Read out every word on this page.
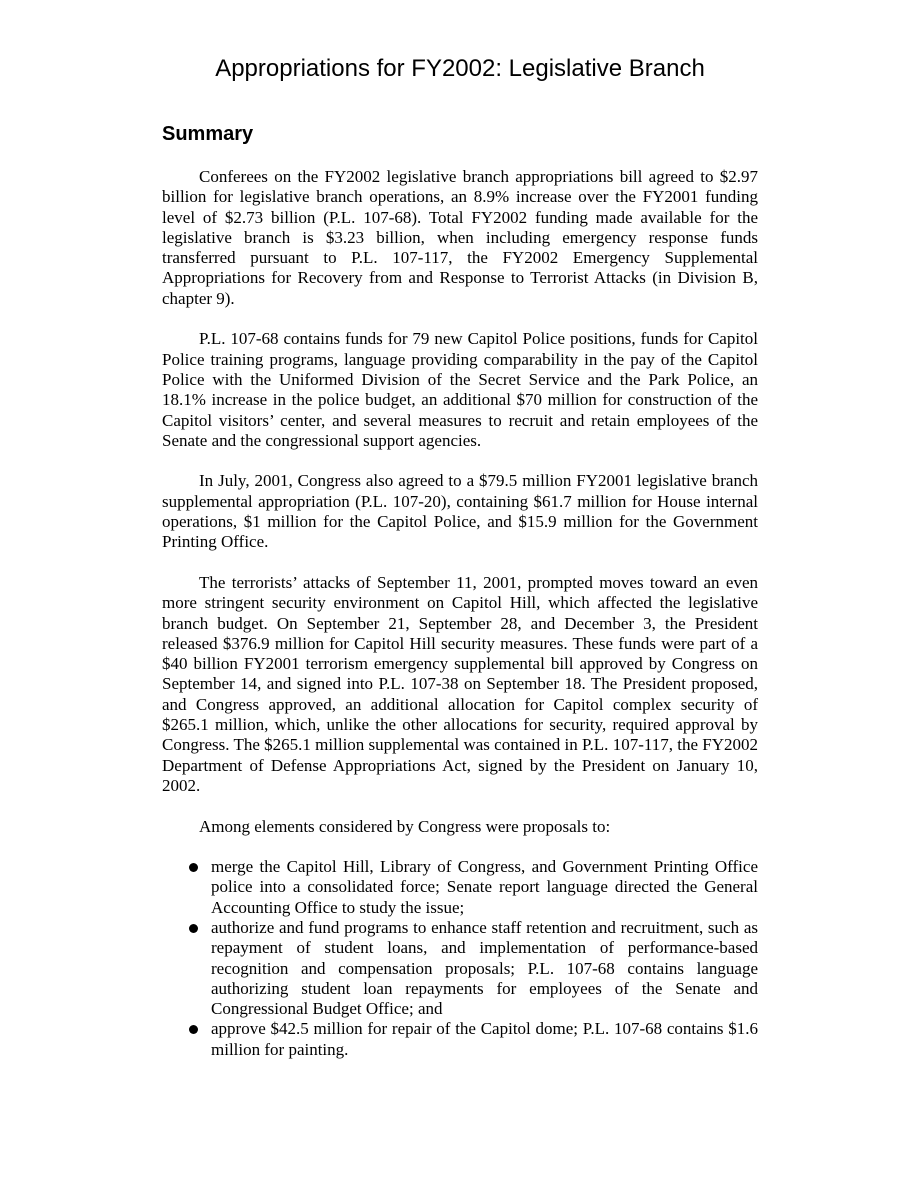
Appropriations for FY2002: Legislative Branch
Summary

Conferees on the FY2002 legislative branch appropriations bill agreed to $2.97 billion for legislative branch operations, an 8.9% increase over the FY2001 funding level of $2.73 billion (P.L. 107-68). Total FY2002 funding made available for the legislative branch is $3.23 billion, when including emergency response funds transferred pursuant to P.L. 107-117, the FY2002 Emergency Supplemental Appropriations for Recovery from and Response to Terrorist Attacks (in Division B, chapter 9).

P.L. 107-68 contains funds for 79 new Capitol Police positions, funds for Capitol Police training programs, language providing comparability in the pay of the Capitol Police with the Uniformed Division of the Secret Service and the Park Police, an 18.1% increase in the police budget, an additional $70 million for construction of the Capitol visitors’ center, and several measures to recruit and retain employees of the Senate and the congressional support agencies.

In July, 2001, Congress also agreed to a $79.5 million FY2001 legislative branch supplemental appropriation (P.L. 107-20), containing $61.7 million for House internal operations, $1 million for the Capitol Police, and $15.9 million for the Government Printing Office.

The terrorists’ attacks of September 11, 2001, prompted moves toward an even more stringent security environment on Capitol Hill, which affected the legislative branch budget. On September 21, September 28, and December 3, the President released $376.9 million for Capitol Hill security measures. These funds were part of a $40 billion FY2001 terrorism emergency supplemental bill approved by Congress on September 14, and signed into P.L. 107-38 on September 18. The President proposed, and Congress approved, an additional allocation for Capitol complex security of $265.1 million, which, unlike the other allocations for security, required approval by Congress. The $265.1 million supplemental was contained in P.L. 107-117, the FY2002 Department of Defense Appropriations Act, signed by the President on January 10, 2002.

Among elements considered by Congress were proposals to:

merge the Capitol Hill, Library of Congress, and Government Printing Office police into a consolidated force; Senate report language directed the General Accounting Office to study the issue;
authorize and fund programs to enhance staff retention and recruitment, such as repayment of student loans, and implementation of performance-based recognition and compensation proposals; P.L. 107-68 contains language authorizing student loan repayments for employees of the Senate and Congressional Budget Office; and
approve $42.5 million for repair of the Capitol dome; P.L. 107-68 contains $1.6 million for painting.
